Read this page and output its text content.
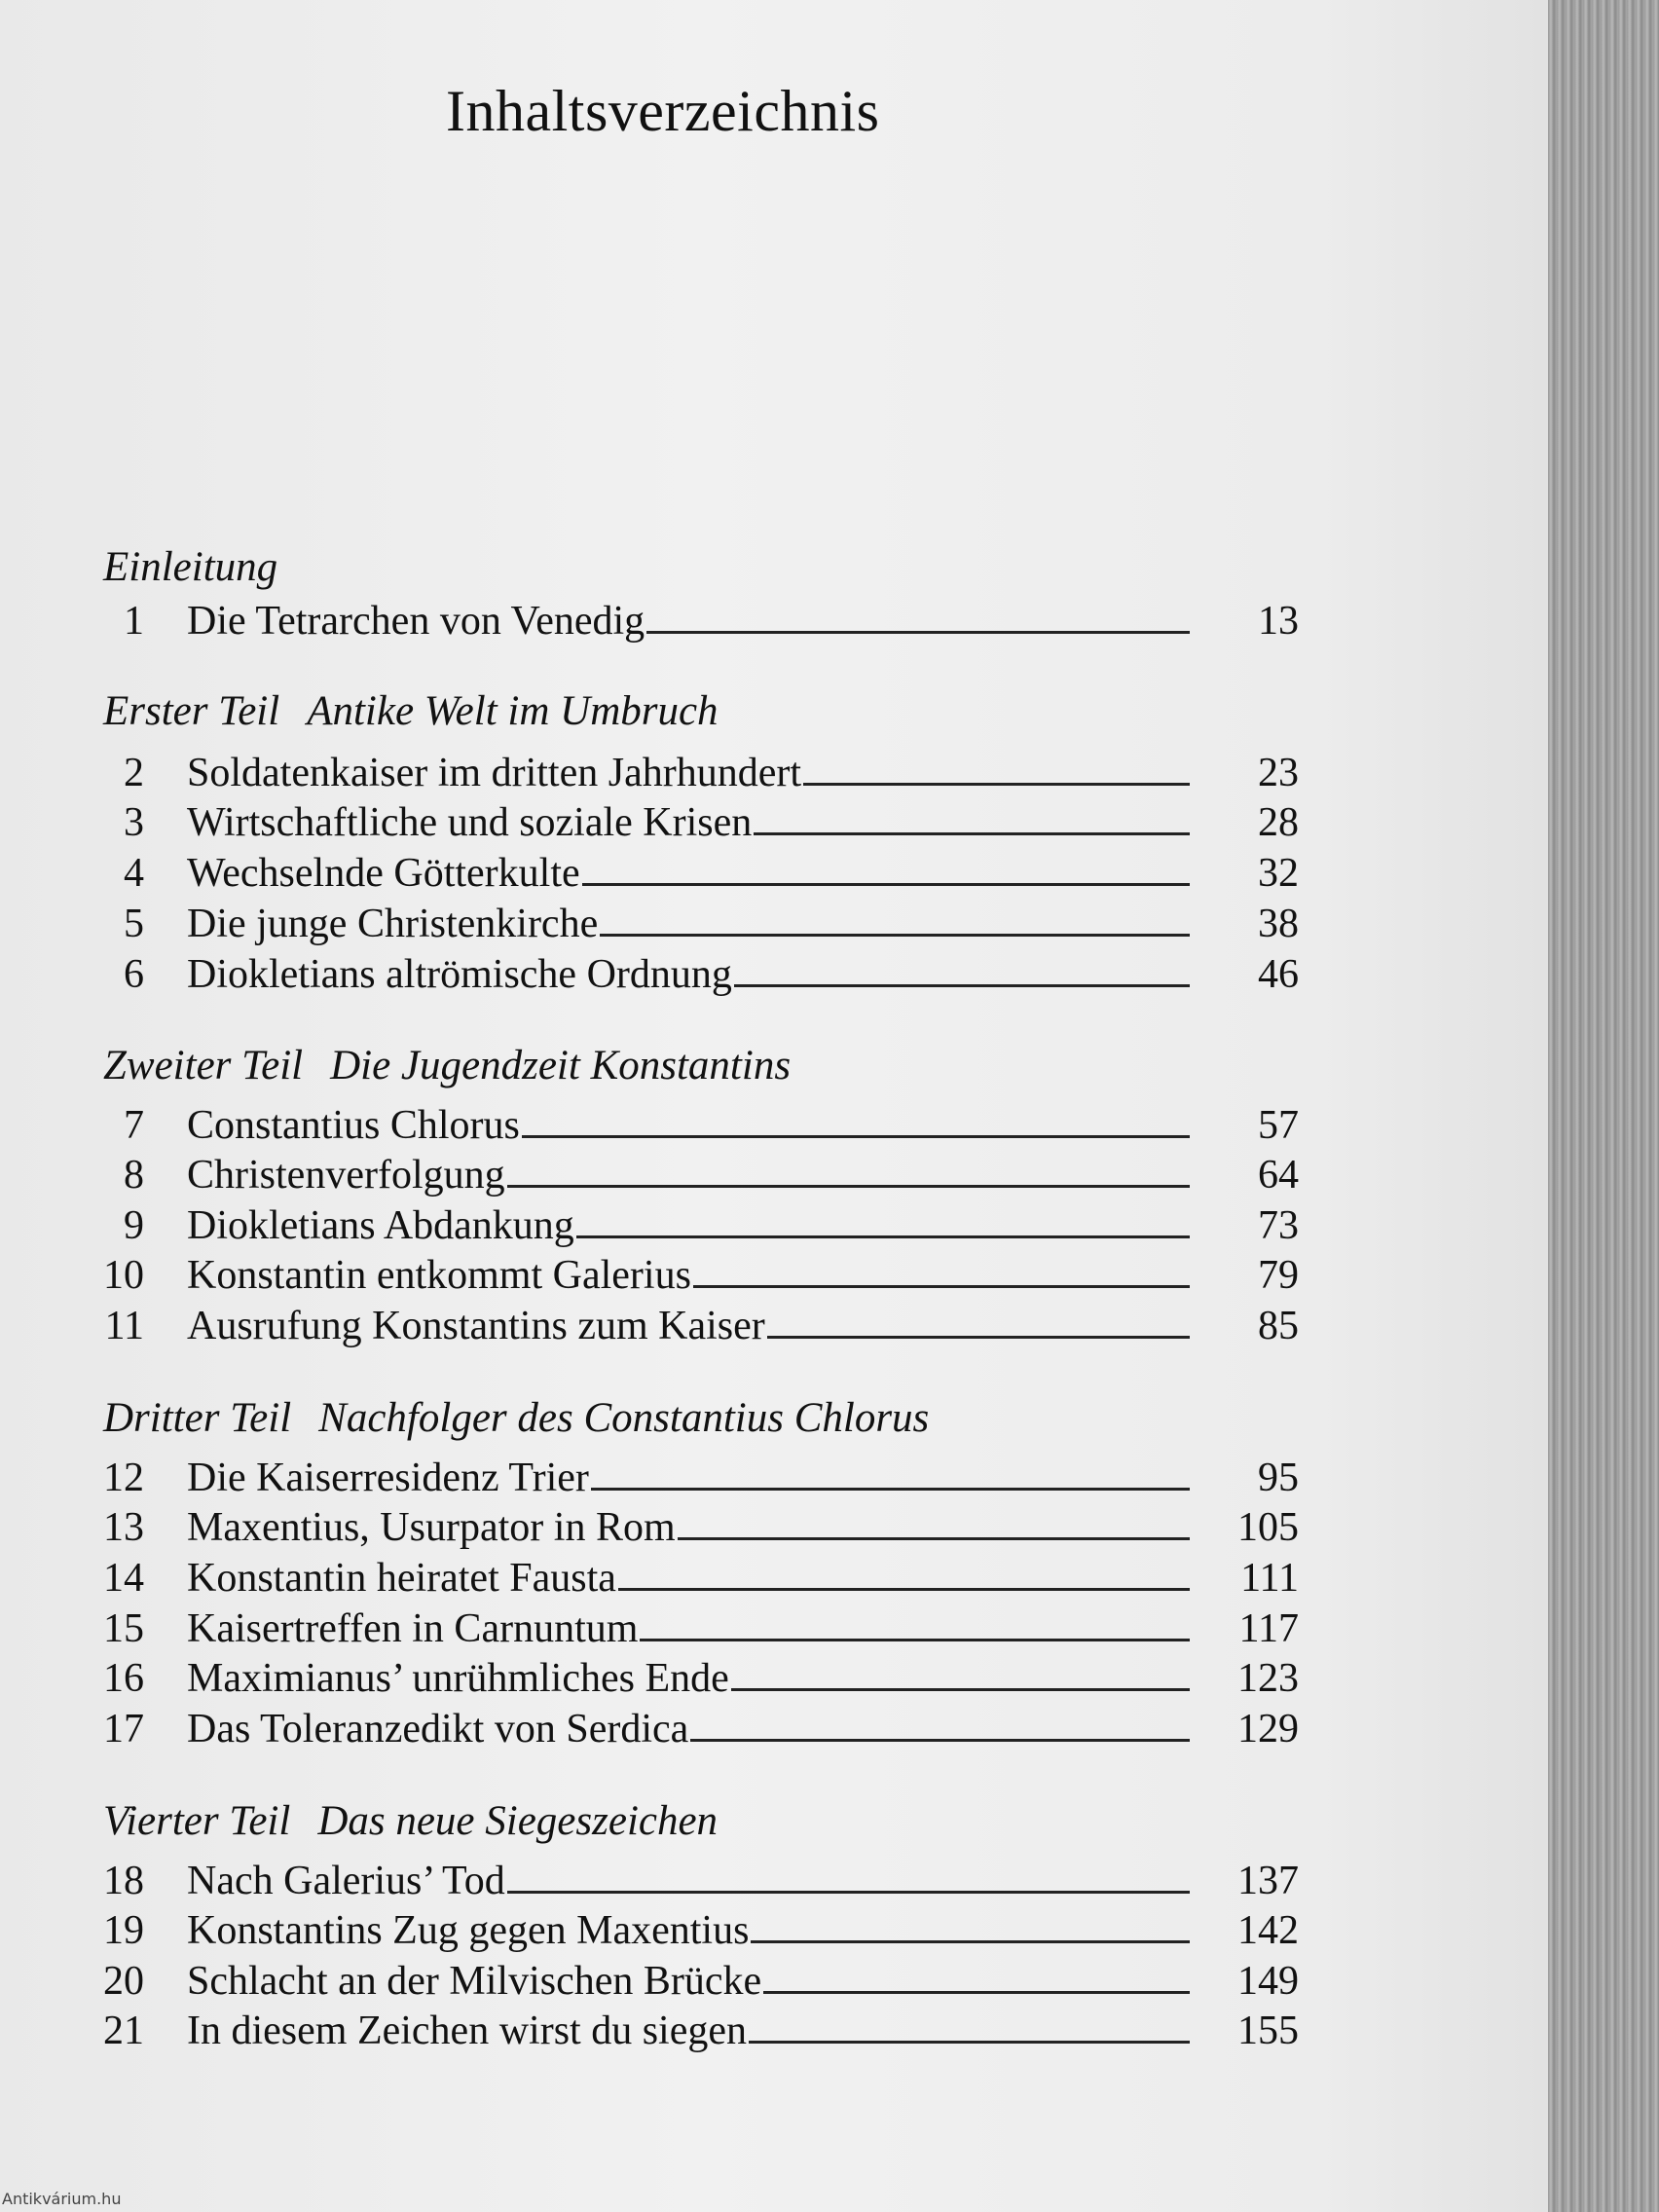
Inhaltsverzeichnis
Einleitung
1 Die Tetrarchen von Venedig	13
Erster Teil Antike Welt im Umbruch
2 Soldatenkaiser im dritten Jahrhundert	23
3 Wirtschaftliche und soziale Krisen	28
4 Wechselnde Götterkulte	32
5 Die junge Christenkirche	38
6 Diokletians altrömische Ordnung	46
Zweiter Teil Die Jugendzeit Konstantins
7 Constantius Chlorus	57
8 Christenverfolgung	64
9 Diokletians Abdankung	73
10 Konstantin entkommt Galerius	79
11 Ausrufung Konstantins zum Kaiser	85
Dritter Teil Nachfolger des Constantius Chlorus
12 Die Kaiserresidenz Trier	95
13 Maxentius, Usurpator in Rom	105
14 Konstantin heiratet Fausta	111
15 Kaisertreffen in Carnuntum	117
16 Maximianus’ unrühmliches Ende	123
17 Das Toleranzedikt von Serdica	129
Vierter Teil Das neue Siegeszeichen
18 Nach Galerius’ Tod	137
19 Konstantins Zug gegen Maxentius	142
20 Schlacht an der Milvischen Brücke	149
21 In diesem Zeichen wirst du siegen	155
Antikvárium.hu
